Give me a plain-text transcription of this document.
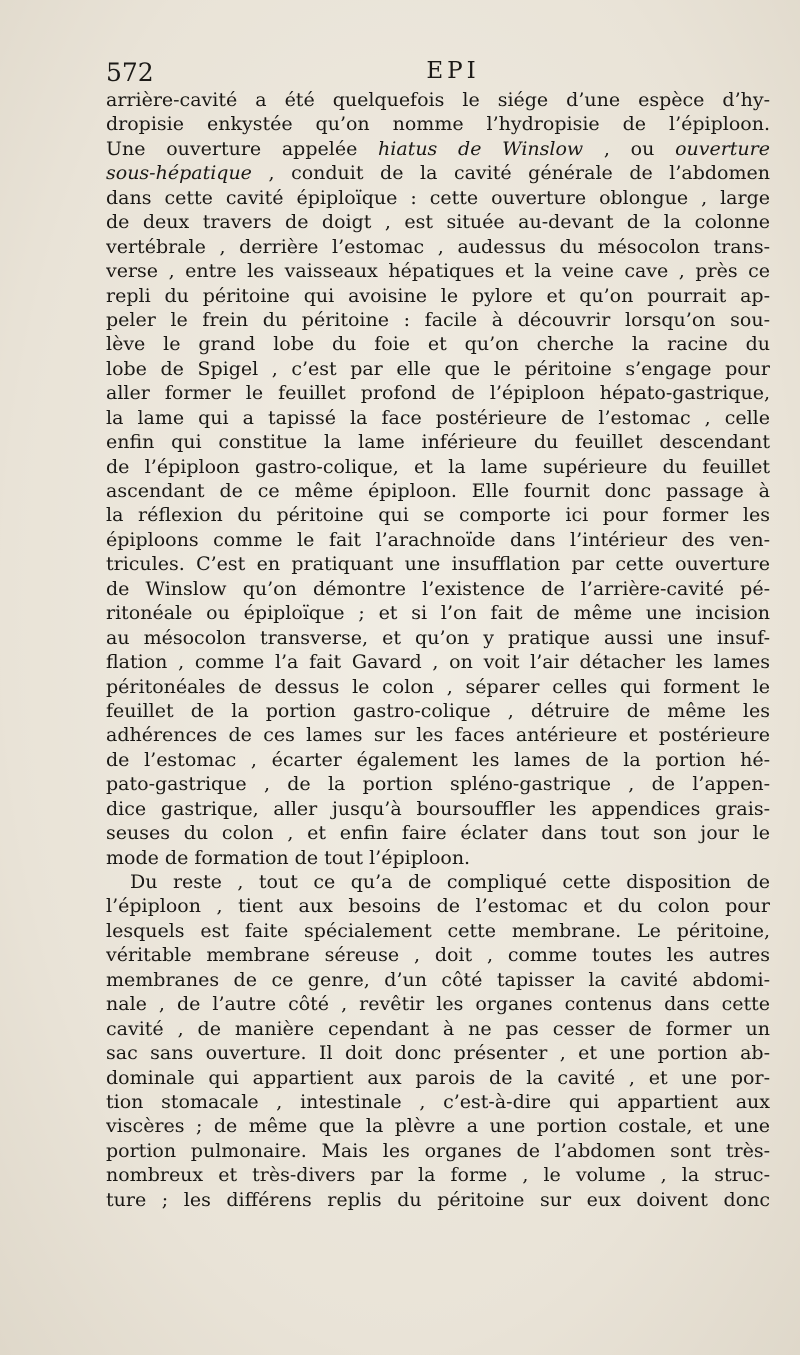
572	EPI
arrière-cavité a été quelquefois le siége d’une espèce d’hy-
dropisie enkystée qu’on nomme l’hydropisie de l’épiploon.
Une ouverture appelée hiatus de Winslow , ou ouverture
sous-hépatique , conduit de la cavité générale de l’abdomen
dans cette cavité épiploïque : cette ouverture oblongue , large
de deux travers de doigt , est située au-devant de la colonne
vertébrale , derrière l’estomac , audessus du mésocolon trans-
verse , entre les vaisseaux hépatiques et la veine cave , près ce
repli du péritoine qui avoisine le pylore et qu’on pourrait ap-
peler le frein du péritoine : facile à découvrir lorsqu’on sou-
lève le grand lobe du foie et qu’on cherche la racine du
lobe de Spigel , c’est par elle que le péritoine s’engage pour
aller former le feuillet profond de l’épiploon hépato-gastrique,
la lame qui a tapissé la face postérieure de l’estomac , celle
enfin qui constitue la lame inférieure du feuillet descendant
de l’épiploon gastro-colique, et la lame supérieure du feuillet
ascendant de ce même épiploon. Elle fournit donc passage à
la réflexion du péritoine qui se comporte ici pour former les
épiploons comme le fait l’arachnoïde dans l’intérieur des ven-
tricules. C’est en pratiquant une insufflation par cette ouverture
de Winslow qu’on démontre l’existence de l’arrière-cavité pé-
ritonéale ou épiploïque ; et si l’on fait de même une incision
au mésocolon transverse, et qu’on y pratique aussi une insuf-
flation , comme l’a fait Gavard , on voit l’air détacher les lames
péritonéales de dessus le colon , séparer celles qui forment le
feuillet de la portion gastro-colique , détruire de même les
adhérences de ces lames sur les faces antérieure et postérieure
de l’estomac , écarter également les lames de la portion hé-
pato-gastrique , de la portion spléno-gastrique , de l’appen-
dice gastrique, aller jusqu’à boursouffler les appendices grais-
seuses du colon , et enfin faire éclater dans tout son jour le
mode de formation de tout l’épiploon.
Du reste , tout ce qu’a de compliqué cette disposition de
l’épiploon , tient aux besoins de l’estomac et du colon pour
lesquels est faite spécialement cette membrane. Le péritoine,
véritable membrane séreuse , doit , comme toutes les autres
membranes de ce genre, d’un côté tapisser la cavité abdomi-
nale , de l’autre côté , revêtir les organes contenus dans cette
cavité , de manière cependant à ne pas cesser de former un
sac sans ouverture. Il doit donc présenter , et une portion ab-
dominale qui appartient aux parois de la cavité , et une por-
tion stomacale , intestinale , c’est-à-dire qui appartient aux
viscères ; de même que la plèvre a une portion costale, et une
portion pulmonaire. Mais les organes de l’abdomen sont très-
nombreux et très-divers par la forme , le volume , la struc-
ture ; les différens replis du péritoine sur eux doivent donc
